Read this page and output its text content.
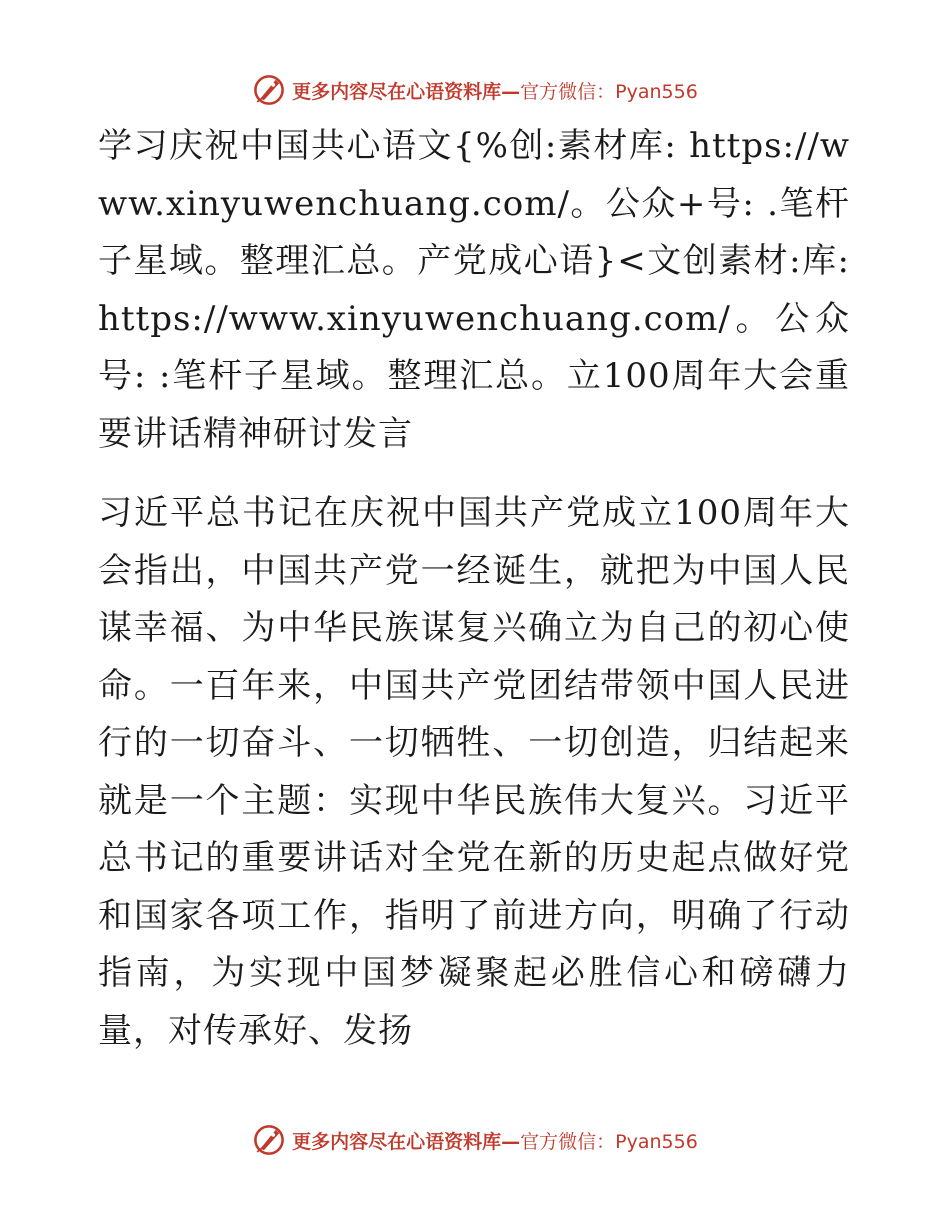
更多内容尽在心语资料库—官方微信：Pyan556

学习庆祝中国共心语文{%创:素材库: https://www.xinyuwenchuang.com/。公众+号: .笔杆子星域。整理汇总。产党成心语}<文创素材:库: https://www.xinyuwenchuang.com/。公众号: :笔杆子星域。整理汇总。立100周年大会重要讲话精神研讨发言

习近平总书记在庆祝中国共产党成立100周年大会指出，中国共产党一经诞生，就把为中国人民谋幸福、为中华民族谋复兴确立为自己的初心使命。一百年来，中国共产党团结带领中国人民进行的一切奋斗、一切牺牲、一切创造，归结起来就是一个主题：实现中华民族伟大复兴。习近平总书记的重要讲话对全党在新的历史起点做好党和国家各项工作，指明了前进方向，明确了行动指南，为实现中国梦凝聚起必胜信心和磅礴力量，对传承好、发扬

更多内容尽在心语资料库—官方微信：Pyan556
